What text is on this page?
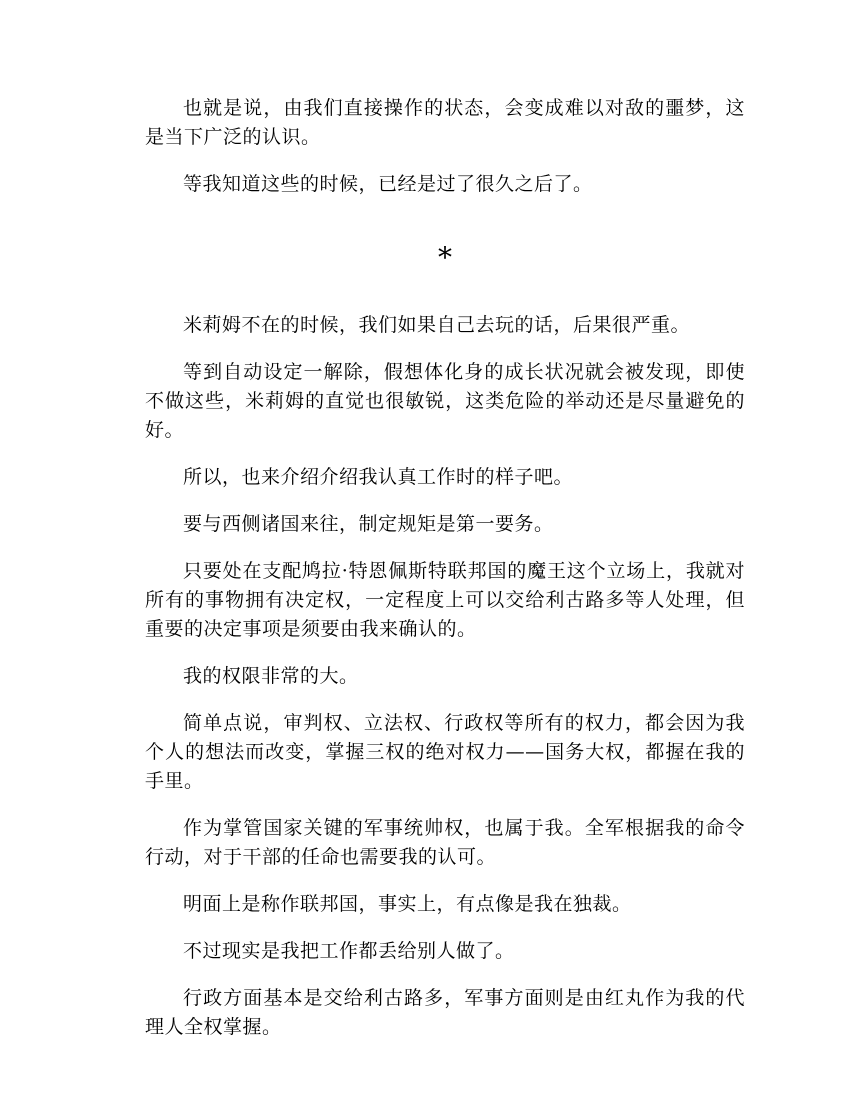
也就是说，由我们直接操作的状态，会变成难以对敌的噩梦，这是当下广泛的认识。

等我知道这些的时候，已经是过了很久之后了。

*

米莉姆不在的时候，我们如果自己去玩的话，后果很严重。

等到自动设定一解除，假想体化身的成长状况就会被发现，即使不做这些，米莉姆的直觉也很敏锐，这类危险的举动还是尽量避免的好。

所以，也来介绍介绍我认真工作时的样子吧。

要与西侧诸国来往，制定规矩是第一要务。

只要处在支配鸠拉·特恩佩斯特联邦国的魔王这个立场上，我就对所有的事物拥有决定权，一定程度上可以交给利古路多等人处理，但重要的决定事项是须要由我来确认的。

我的权限非常的大。

简单点说，审判权、立法权、行政权等所有的权力，都会因为我个人的想法而改变，掌握三权的绝对权力——国务大权，都握在我的手里。

作为掌管国家关键的军事统帅权，也属于我。全军根据我的命令行动，对于干部的任命也需要我的认可。

明面上是称作联邦国，事实上，有点像是我在独裁。

不过现实是我把工作都丢给别人做了。

行政方面基本是交给利古路多，军事方面则是由红丸作为我的代理人全权掌握。
